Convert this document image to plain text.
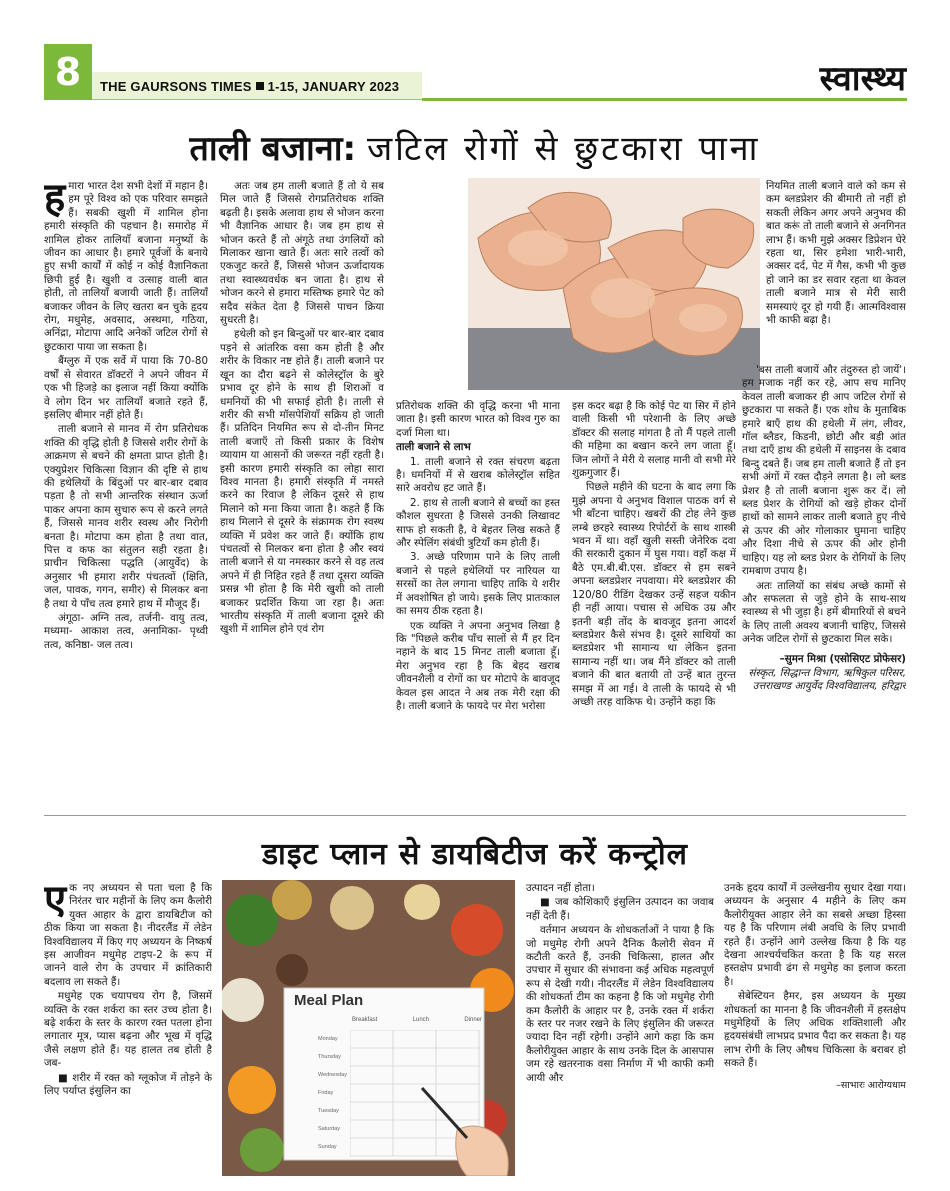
8	THE GAURSONS TIMES 1-15, JANUARY 2023	स्वास्थ्य
ताली बजाना: जटिल रोगों से छुटकारा पाना

हमारा भारत देश सभी देशों में महान है। हम पूरे विश्व को एक परिवार समझते हैं। सबकी खुशी में शामिल होना हमारी संस्कृति की पहचान है। समारोह में शामिल होकर तालियाँ बजाना मनुष्यों के जीवन का आधार है। हमारे पूर्वजों के बनाये हुए सभी कार्यों में कोई न कोई वैज्ञानिकता छिपी हुई है। खुशी व उत्साह वाली बात होती, तो तालियाँ बजायी जाती हैं। तालियाँ बजाकर जीवन के लिए खतरा बन चुके हृदय रोग, मधुमेह, अवसाद, अस्थमा, गठिया, अनिंद्रा, मोटापा आदि अनेकों जटिल रोगों से छुटकारा पाया जा सकता है।

बैंग्लुरु में एक सर्वे में पाया कि 70-80 वर्षों से सेवारत डॉक्टरों ने अपने जीवन में एक भी हिजड़े का इलाज नहीं किया क्योंकि वे लोग दिन भर तालियाँ बजाते रहते हैं, इसलिए बीमार नहीं होते हैं।

ताली बजाने से मानव में रोग प्रतिरोधक शक्ति की वृद्धि होती है जिससे शरीर रोगों के आक्रमण से बचने की क्षमता प्राप्त होती है। एक्युप्रेशर चिकित्सा विज्ञान की दृष्टि से हाथ की हथेलियों के बिंदुओं पर बार-बार दबाव पड़ता है तो सभी आन्तरिक संस्थान ऊर्जा पाकर अपना काम सुचारु रूप से करने लगते हैं, जिससे मानव शरीर स्वस्थ और निरोगी बनता है। मोटापा कम होता है तथा वात, पित्त व कफ का संतुलन सही रहता है। प्राचीन चिकित्सा पद्धति (आयुर्वेद) के अनुसार भी हमारा शरीर पंचतत्वों (क्षिति, जल, पावक, गगन, समीर) से मिलकर बना है तथा ये पाँच तत्व हमारे हाथ में मौजूद हैं।

अंगूठा- अग्नि तत्व, तर्जनी- वायु तत्व, मध्यमा- आकाश तत्व, अनामिका- पृथ्वी तत्व, कनिष्ठा- जल तत्व।

अतः जब हम ताली बजाते हैं तो ये सब मिल जाते हैं जिससे रोगप्रतिरोधक शक्ति बढ़ती है। इसके अलावा हाथ से भोजन करना भी वैज्ञानिक आधार है। जब हम हाथ से भोजन करते हैं तो अंगूठे तथा उंगलियों को मिलाकर खाना खाते हैं। अतः सारे तत्वों को एकजुट करते हैं, जिससे भोजन ऊर्जादायक तथा स्वास्थ्यवर्धक बन जाता है। हाथ से भोजन करने से हमारा मस्तिष्क हमारे पेट को सदैव संकेत देता है जिससे पाचन क्रिया सुधरती है।

हथेली को इन बिन्दुओं पर बार-बार दबाव पड़ने से आंतरिक वसा कम होती है और शरीर के विकार नष्ट होते हैं। ताली बजाने पर खून का दौरा बढ़ने से कोलेस्ट्रॉल के बुरे प्रभाव दूर होने के साथ ही शिराओं व धमनियों की भी सफाई होती है। ताली से शरीर की सभी मॉसपेशियाँ सक्रिय हो जाती हैं। प्रतिदिन नियमित रूप से दो-तीन मिनट ताली बजाएँ तो किसी प्रकार के विशेष व्यायाम या आसनों की जरूरत नहीं रहती है। इसी कारण हमारी संस्कृति का लोहा सारा विश्व मानता है। हमारी संस्कृति में नमस्ते करने का रिवाज है लेकिन दूसरे से हाथ मिलाने को मना किया जाता है। कहते हैं कि हाथ मिलाने से दूसरे के संक्रामक रोग स्वस्थ व्यक्ति में प्रवेश कर जाते हैं। क्योंकि हाथ पंचतत्वों से मिलकर बना होता है और स्वयं ताली बजाने से या नमस्कार करने से वह तत्व अपने में ही निहित रहते हैं तथा दूसरा व्यक्ति प्रसन्न भी होता है कि मेरी खुशी को ताली बजाकर प्रदर्शित किया जा रहा है। अतः भारतीय संस्कृति में ताली बजाना दूसरे की खुशी में शामिल होने एवं रोग

प्रतिरोधक शक्ति की वृद्धि करना भी माना जाता है। इसी कारण भारत को विश्व गुरु का दर्जा मिला था।

ताली बजाने से लाभ

1. ताली बजाने से रक्त संचरण बढ़ता है। धमनियों में से खराब कोलेस्ट्रॉल सहित सारे अवरोध हट जाते हैं।

2. हाथ से ताली बजाने से बच्चों का हस्त कौशल सुधरता है जिससे उनकी लिखावट साफ हो सकती है, वे बेहतर लिख सकते हैं और स्पेलिंग संबंधी त्रुटियाँ कम होती हैं।

3. अच्छे परिणाम पाने के लिए ताली बजाने से पहले हथेलियों पर नारियल या सरसों का तेल लगाना चाहिए ताकि ये शरीर में अवशोषित हो जाये। इसके लिए प्रातःकाल का समय ठीक रहता है।

एक व्यक्ति ने अपना अनुभव लिखा है कि "पिछले करीब पाँच सालों से मैं हर दिन नहाने के बाद 15 मिनट ताली बजाता हूँ। मेरा अनुभव रहा है कि बेहद खराब जीवनशैली व रोगों का घर मोटापे के बावजूद केवल इस आदत ने अब तक मेरी रक्षा की है। ताली बजाने के फायदे पर मेरा भरोसा

इस कदर बढ़ा है कि कोई पेट या सिर में होने वाली किसी भी परेशानी के लिए अच्छे डॉक्टर की सलाह मांगता है तो मैं पहले ताली की महिमा का बखान करने लग जाता हूँ। जिन लोगों ने मेरी ये सलाह मानी वो सभी मेरे शुक्रगुजार हैं।

पिछले महीने की घटना के बाद लगा कि मुझे अपना ये अनुभव विशाल पाठक वर्ग से भी बाँटना चाहिए। खबरों की टोह लेने कुछ लम्बे छरहरे स्वास्थ्य रिपोर्टरों के साथ शास्त्री भवन में था। वहाँ खुली सस्ती जेनेरिक दवा की सरकारी दुकान में घुस गया। वहाँ कक्ष में बैठे एम.बी.बी.एस. डॉक्टर से हम सबने अपना ब्लडप्रेशर नपवाया। मेरे ब्लडप्रेशर की 120/80 रीडिंग देखकर उन्हें सहज यकीन ही नहीं आया। पचास से अधिक उम्र और इतनी बड़ी तोंद के बावजूद इतना आदर्श ब्लडप्रेशर कैसे संभव है। दूसरे साथियों का ब्लडप्रेशर भी सामान्य था लेकिन इतना सामान्य नहीं था। जब मैंने डॉक्टर को ताली बजाने की बात बतायी तो उन्हें बात तुरन्त समझ में आ गई। वे ताली के फायदे से भी अच्छी तरह वाकिफ थे। उन्होंने कहा कि

नियमित ताली बजाने वाले को कम से कम ब्लडप्रेशर की बीमारी तो नहीं हो सकती लेकिन अगर अपने अनुभव की बात करूं तो ताली बजाने से अनगिनत लाभ हैं। कभी मुझे अक्सर डिप्रेशन घेरे रहता था, सिर हमेशा भारी-भारी, अक्सर दर्द, पेट में गैस, कभी भी कुछ हो जाने का डर सवार रहता था केवल ताली बजाने मात्र से मेरी सारी समस्याएं दूर हो गयी हैं। आत्मविश्वास भी काफी बढ़ा है।

'बस ताली बजायें और तंदुरुस्त हो जायें'। हम मजाक नहीं कर रहे, आप सच मानिए केवल ताली बजाकर ही आप जटिल रोगों से छुटकारा पा सकते हैं। एक शोध के मुताबिक हमारे बाएँ हाथ की हथेली में लंग, लीवर, गॉल ब्लैडर, किडनी, छोटी और बड़ी आंत तथा दाएँ हाथ की हथेली में साइनस के दबाव बिन्दु दबते हैं। जब हम ताली बजाते हैं तो इन सभी अंगों में रक्त दौड़ने लगता है। लो ब्लड प्रेशर है तो ताली बजाना शुरू कर दें। लो ब्लड प्रेशर के रोगियों को खड़े होकर दोनों हाथों को सामने लाकर ताली बजाते हुए नीचे से ऊपर की ओर गोलाकार घुमाना चाहिए और दिशा नीचे से ऊपर की ओर होनी चाहिए। यह लो ब्लड प्रेशर के रोगियों के लिए रामबाण उपाय है।

अतः तालियों का संबंध अच्छे कामों से और सफलता से जुड़े होने के साथ-साथ स्वास्थ्य से भी जुड़ा है। हमें बीमारियों से बचने के लिए ताली अवश्य बजानी चाहिए, जिससे अनेक जटिल रोगों से छुटकारा मिल सके।

–सुमन मिश्रा (एसोसिएट प्रोफेसर)

संस्कृत, सिद्धान्त विभाग, ऋषिकुल परिसर, उत्तराखण्ड आयुर्वेद विश्वविद्यालय, हरिद्वार

डाइट प्लान से डायबिटीज करें कन्ट्रोल

एक नए अध्ययन से पता चला है कि निरंतर चार महीनों के लिए कम कैलोरी युक्त आहार के द्वारा डायबिटीज को ठीक किया जा सकता है। नीदरलैंड में लेडेन विश्वविद्यालय में किए गए अध्ययन के निष्कर्ष इस आजीवन मधुमेह टाइप-2 के रूप में जानने वाले रोग के उपचार में क्रांतिकारी बदलाव ला सकते हैं।

मधुमेह एक चयापचय रोग है, जिसमें व्यक्ति के रक्त शर्करा का स्तर उच्च होता है। बढ़े शर्करा के स्तर के कारण रक्त पतला होना लगातार मूत्र, प्यास बढ़ना और भूख में वृद्धि जैसे लक्षण होते हैं। यह हालत तब होती है जब-

■ शरीर में रक्त को ग्लूकोज में तोड़ने के लिए पर्याप्त इंसुलिन का

Meal Plan
Breakfast	Lunch	Dinner
Monday
Thursday
Wednesday
Friday
Tuesday
Saturday
Sunday

उत्पादन नहीं होता।

■ जब कोशिकाएँ इंसुलिन उत्पादन का जवाब नहीं देती हैं।

वर्तमान अध्ययन के शोधकर्ताओं ने पाया है कि जो मधुमेह रोगी अपने दैनिक कैलोरी सेवन में कटौती करते हैं, उनकी चिकित्सा, हालत और उपचार में सुधार की संभावना कई अधिक महत्वपूर्ण रूप से देखी गयी। नीदरलैंड में लेडेन विश्वविद्यालय की शोधकर्ता टीम का कहना है कि जो मधुमेह रोगी कम कैलोरी के आहार पर है, उनके रक्त में शर्करा के स्तर पर नजर रखने के लिए इंसुलिन की जरूरत ज्यादा दिन नहीं रहेगी। उन्होंने आगे कहा कि कम कैलोरीयुक्त आहार के साथ उनके दिल के आसपास जम रहे खतरनाक वसा निर्माण में भी काफी कमी आयी और

उनके हृदय कार्यों में उल्लेखनीय सुधार देखा गया। अध्ययन के अनुसार 4 महीने के लिए कम कैलोरीयुक्त आहार लेने का सबसे अच्छा हिस्सा यह है कि परिणाम लंबी अवधि के लिए प्रभावी रहते हैं। उन्होंने आगे उल्लेख किया है कि यह देखना आश्चर्यचकित करता है कि यह सरल हस्तक्षेप प्रभावी ढंग से मधुमेह का इलाज करता है।

सेबेस्टियन हैमर, इस अध्ययन के मुख्य शोधकर्ता का मानना है कि जीवनशैली में हस्तक्षेप मधुमेहियों के लिए अधिक शक्तिशाली और हृदयसंबंधी लाभप्रद प्रभाव पैदा कर सकता है। यह लाभ रोगी के लिए औषध चिकित्सा के बराबर हो सकते हैं।

–साभारः आरोग्यधाम
